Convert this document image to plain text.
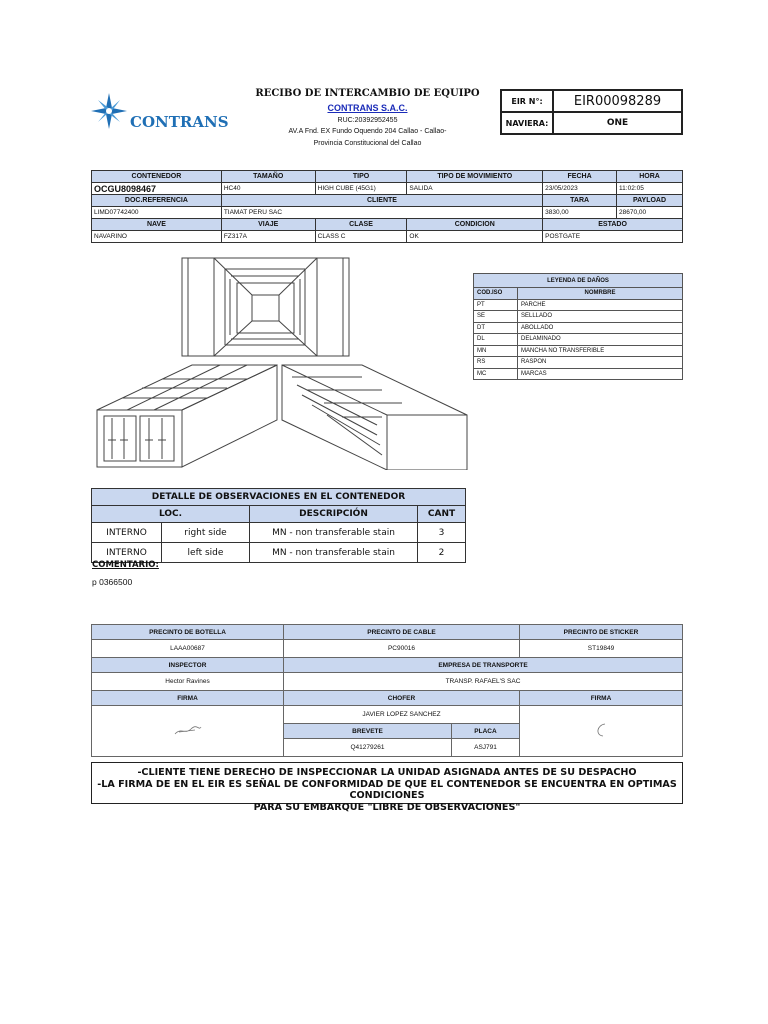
CONTRANS
RECIBO DE INTERCAMBIO DE EQUIPO
CONTRANS S.A.C.
RUC:20392952455
AV.A Fnd. EX Fundo Oquendo 204 Callao - Callao-
Provincia Constitucional del Callao
EIR N°:	EIR00098289
NAVIERA:	ONE
CONTENEDOR	TAMAÑO	TIPO	TIPO DE MOVIMIENTO	FECHA	HORA
OCGU8098467	HC40	HIGH CUBE (45G1)	SALIDA	23/05/2023	11:02:05
DOC.REFERENCIA	CLIENTE			TARA	PAYLOAD
LIMD07742400	TIAMAT PERU SAC			3830,00	28670,00
NAVE	VIAJE	CLASE	CONDICION	ESTADO	
NAVARINO	FZ317A	CLASS C	OK	POSTGATE	
LEYENDA DE DAÑOS	
COD.ISO	NOMRBRE
PT	PARCHE
SE	SELLLADO
DT	ABOLLADO
DL	DELAMINADO
MN	MANCHA NO TRANSFERIBLE
RS	RASPON
MC	MARCAS
DETALLE DE OBSERVACIONES EN EL CONTENEDOR			
LOC.		DESCRIPCIÓN	CANT
INTERNO	right side	MN - non transferable stain	3
INTERNO	left side	MN - non transferable stain	2
COMENTARIO:
p 0366500
PRECINTO DE BOTELLA	PRECINTO DE CABLE		PRECINTO DE STICKER
LAAA00687	PC90016		ST19849
INSPECTOR	EMPRESA DE TRANSPORTE		
Hector Ravines	TRANSP. RAFAEL'S SAC		
FIRMA	CHOFER		FIRMA
	JAVIER LOPEZ SANCHEZ	
	BREVETE	PLACA	
	Q41279261	ASJ791	
-CLIENTE TIENE DERECHO DE INSPECCIONAR LA UNIDAD ASIGNADA ANTES DE SU DESPACHO
-LA FIRMA DE EN EL EIR ES SEÑAL DE CONFORMIDAD DE QUE EL CONTENEDOR SE ENCUENTRA EN OPTIMAS CONDICIONES
PARA SU EMBARQUE "LIBRE DE OBSERVACIONES"
